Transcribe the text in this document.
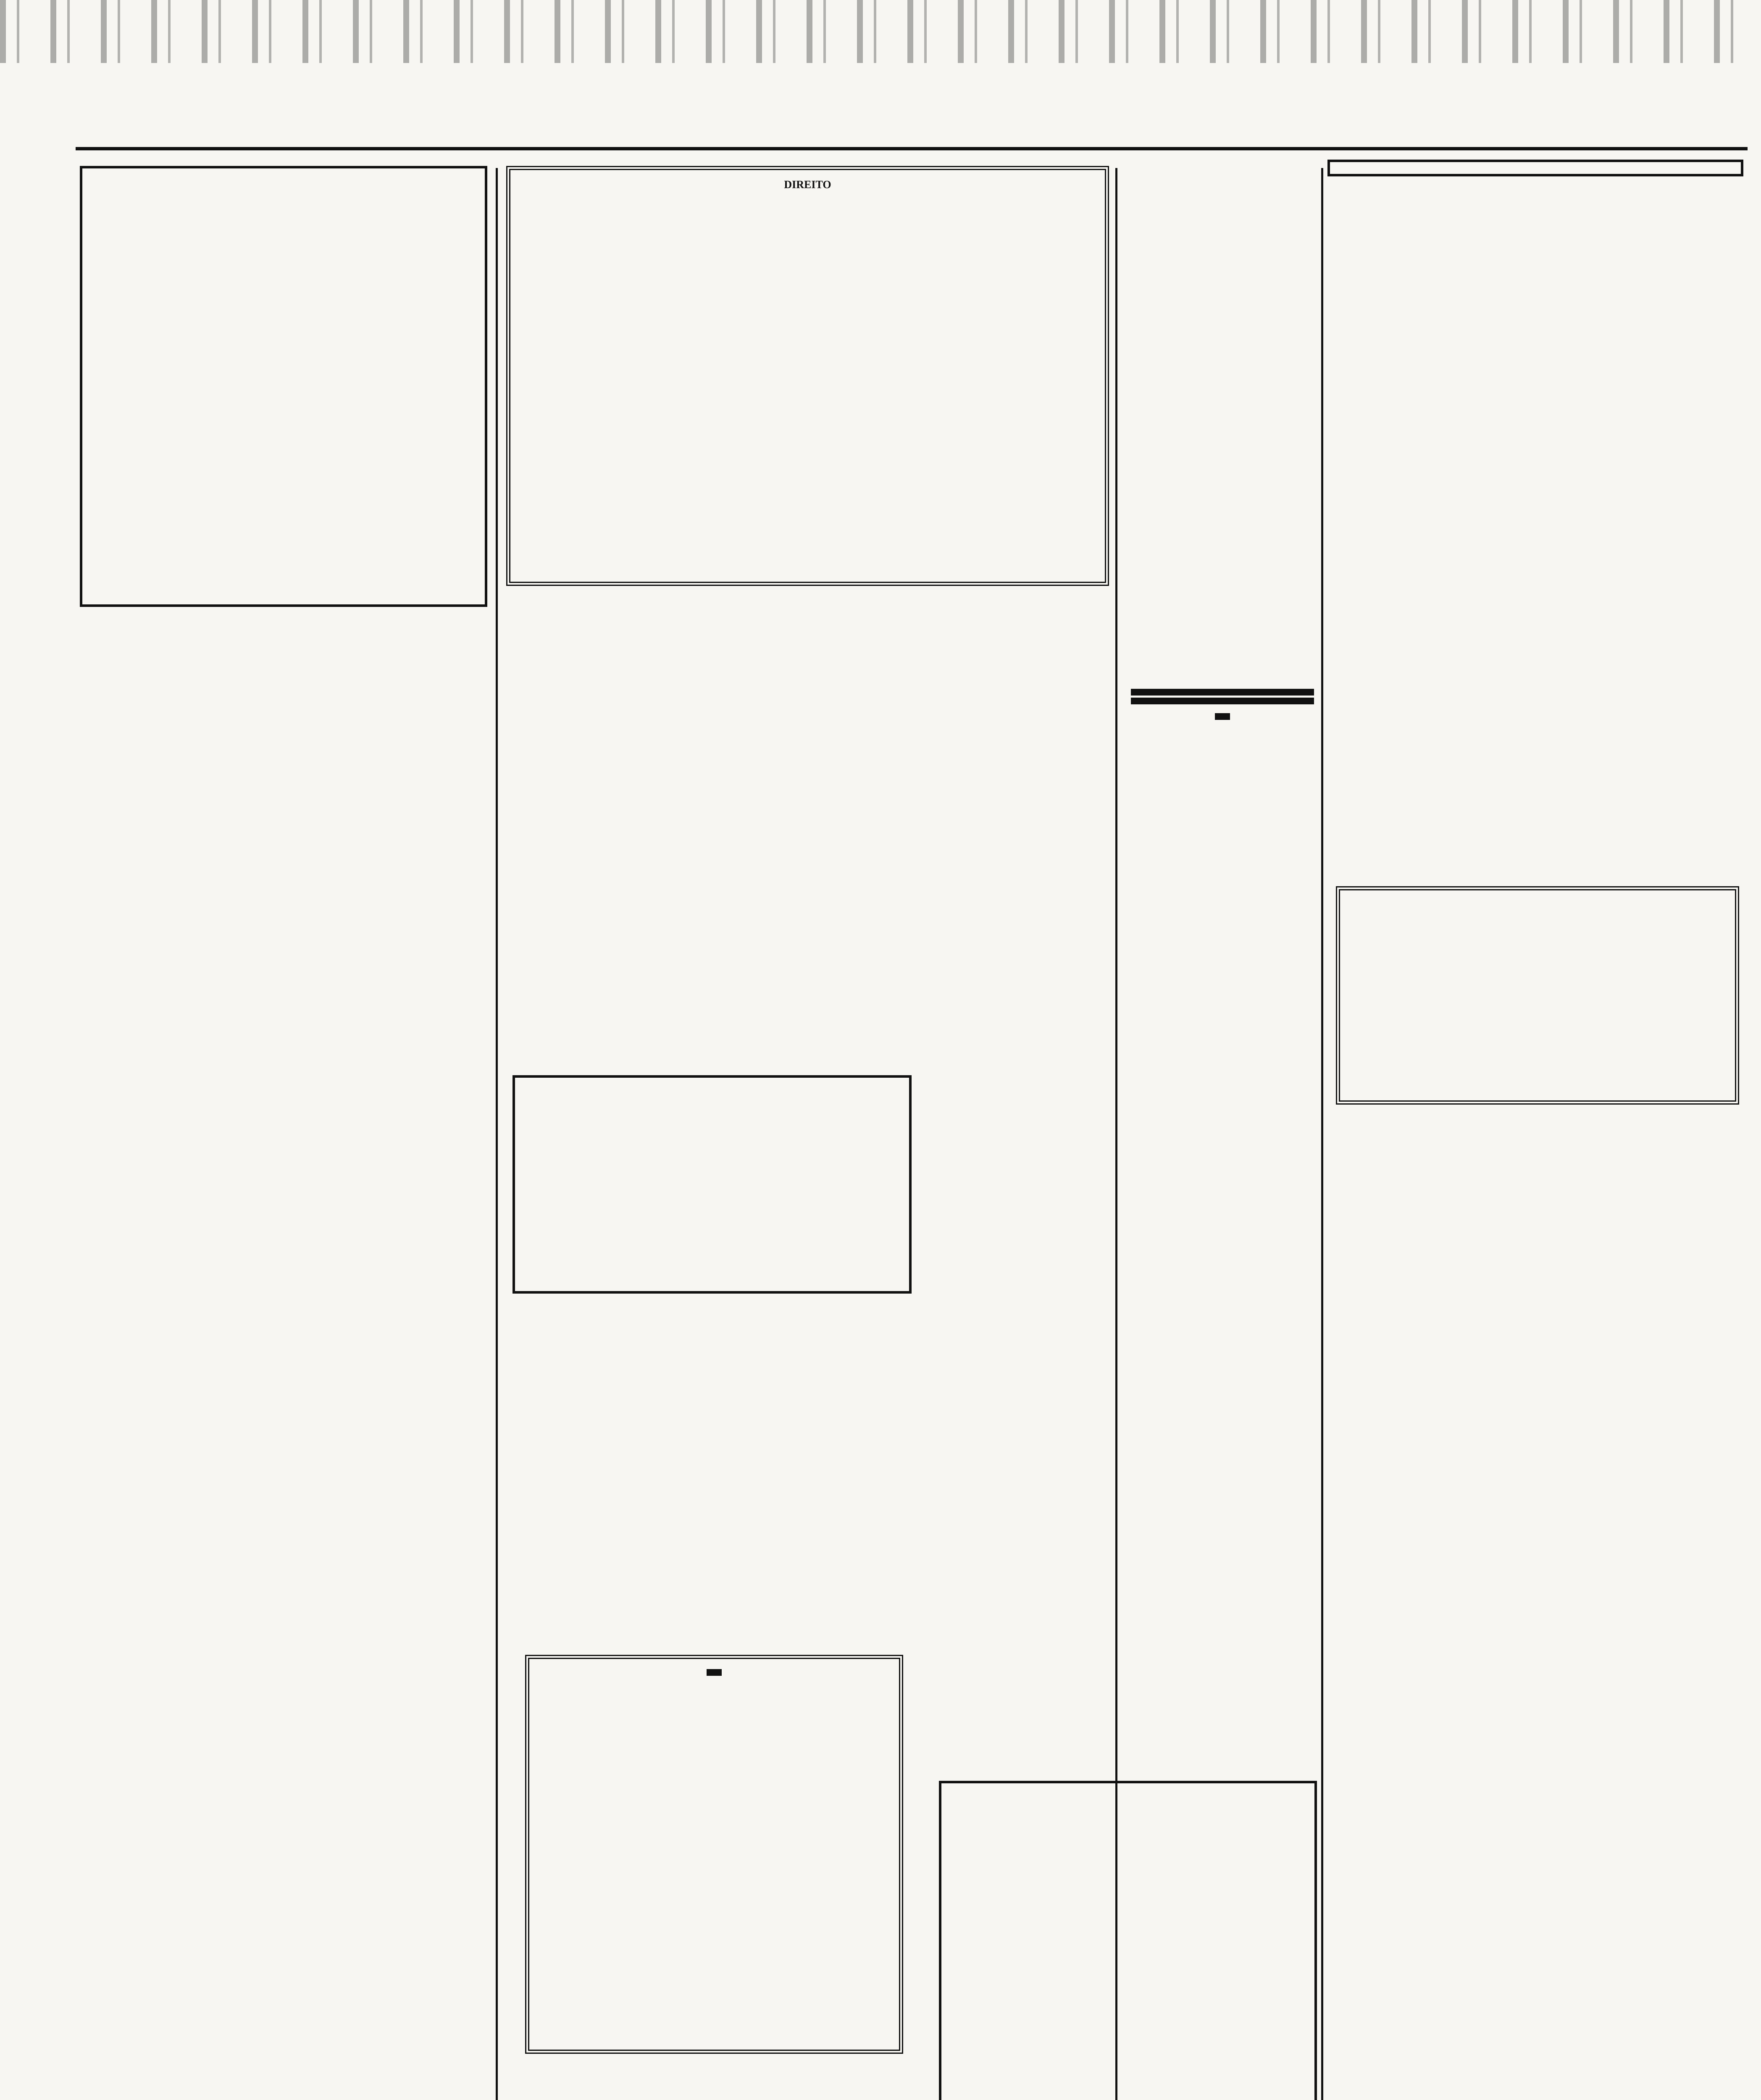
DIREITO
